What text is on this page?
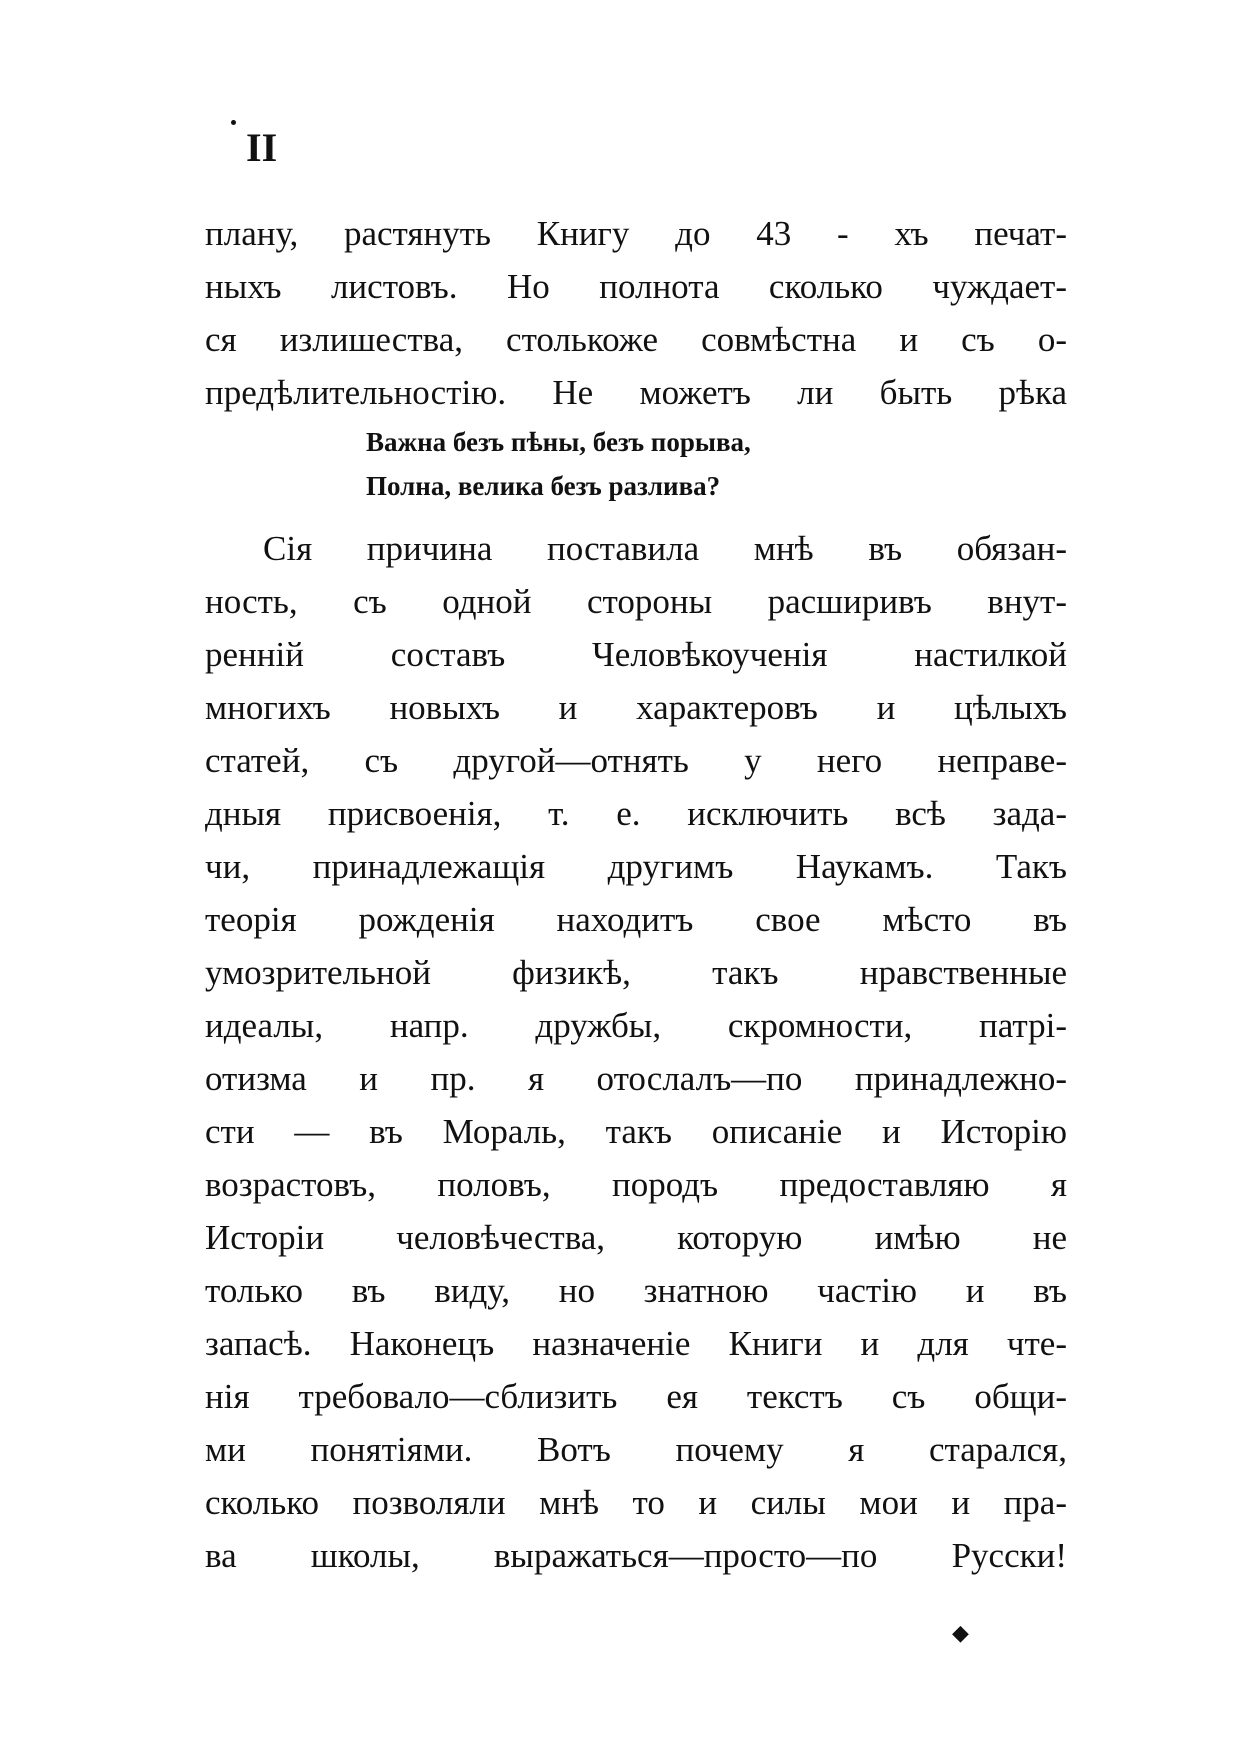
II
плану, растянуть Книгу до 43 - хъ печат-
ныхъ листовъ. Но полнота сколько чуждает-
ся излишества, столькоже совмѣстна и съ о-
предѣлительностію. Не можетъ ли быть рѣка
Важна безъ пѣны, безъ порыва,
Полна, велика безъ разлива?
Сія причина поставила мнѣ въ обязан-
ность, съ одной стороны расширивъ внут-
ренній составъ Человѣкоученія настилкой
многихъ новыхъ и характеровъ и цѣлыхъ
статей, съ другой—отнять у него неправе-
дныя присвоенія, т. е. исключить всѣ зада-
чи, принадлежащія другимъ Наукамъ. Такъ
теорія рожденія находитъ свое мѣсто въ
умозрительной физикѣ, такъ нравственные
идеалы, напр. дружбы, скромности, патрі-
отизма и пр. я отослалъ—по принадлежно-
сти — въ Мораль, такъ описаніе и Исторію
возрастовъ, половъ, породъ предоставляю я
Исторіи человѣчества, которую имѣю не
только въ виду, но знатною частію и въ
запасѣ. Наконецъ назначеніе Книги и для чте-
нія требовало—сблизить ея текстъ съ общи-
ми понятіями. Вотъ почему я старался,
сколько позволяли мнѣ то и силы мои и пра-
ва школы, выражаться—просто—по Русски!
◆
